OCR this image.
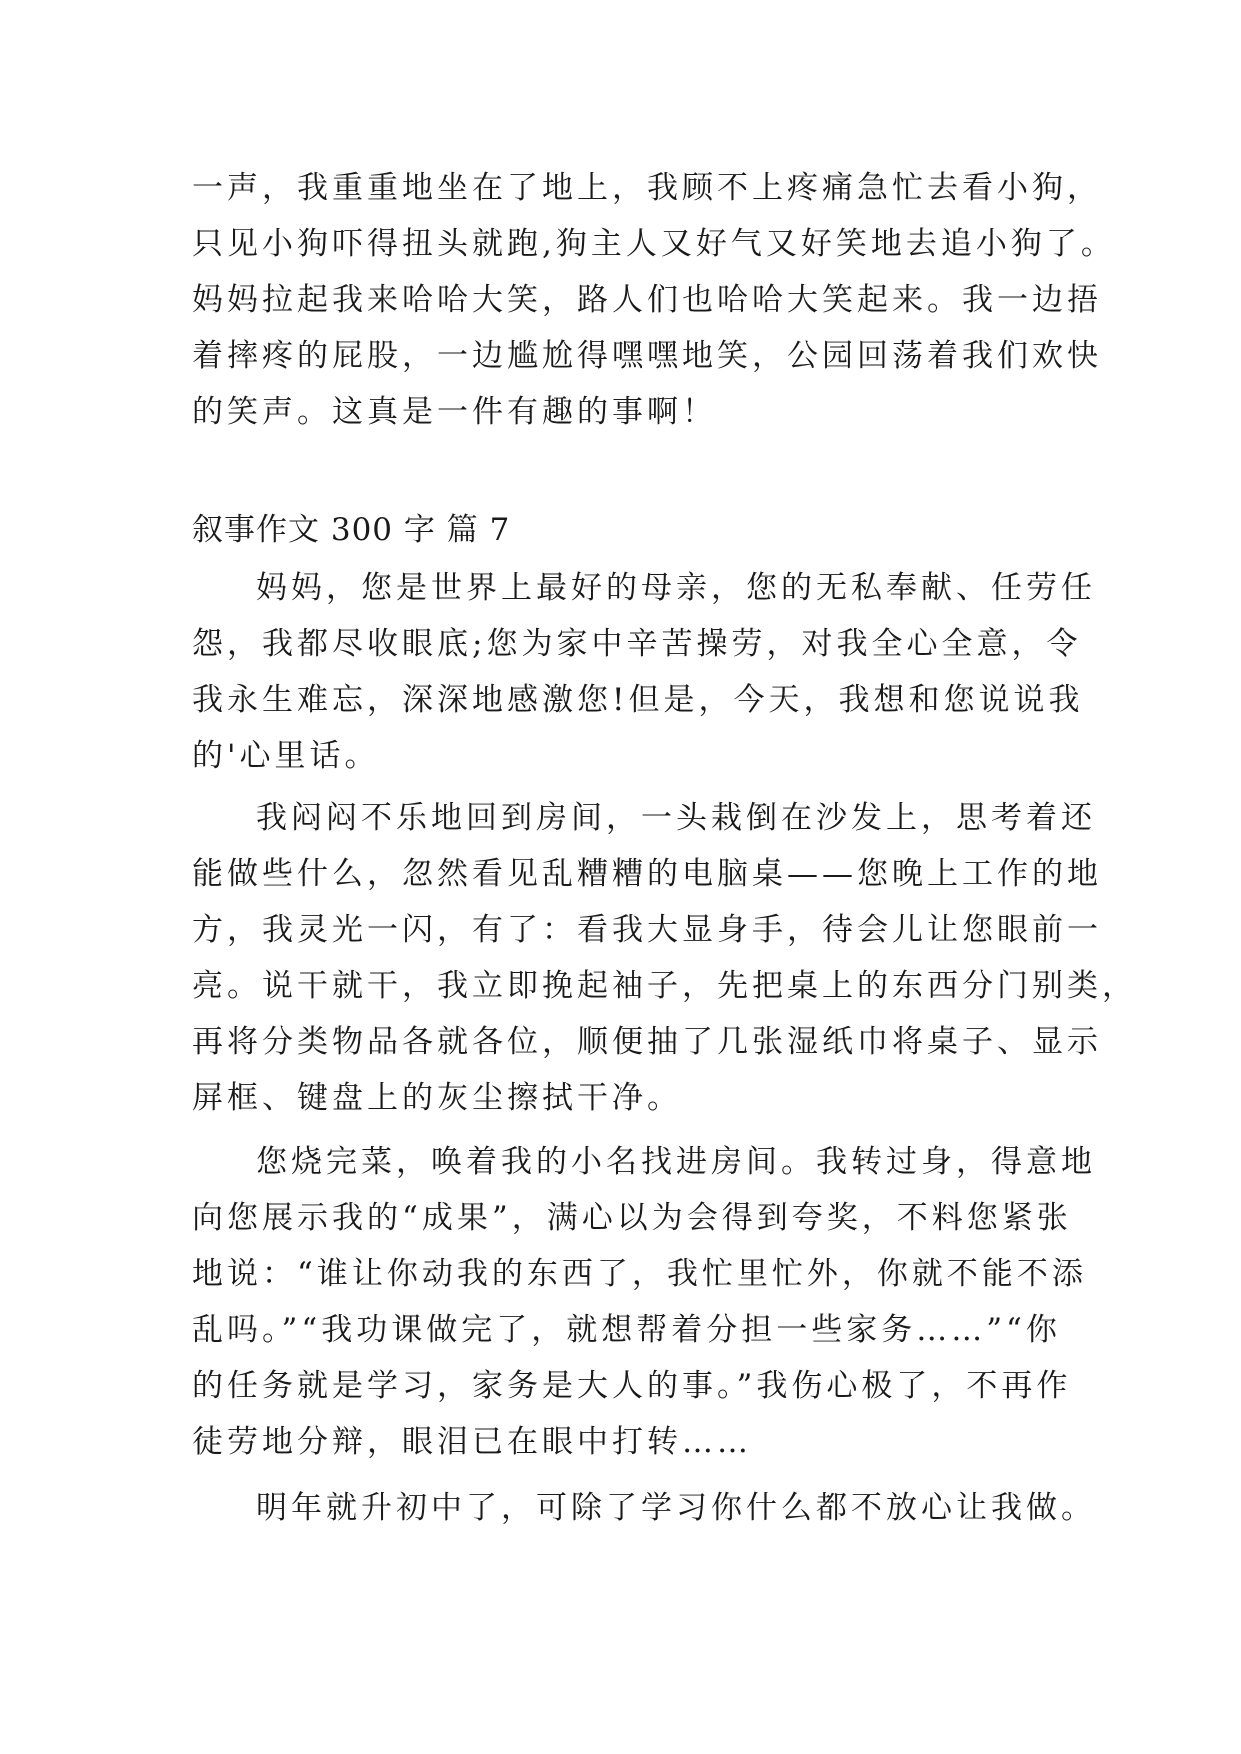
一声，我重重地坐在了地上，我顾不上疼痛急忙去看小狗，
只见小狗吓得扭头就跑,狗主人又好气又好笑地去追小狗了。
妈妈拉起我来哈哈大笑，路人们也哈哈大笑起来。我一边捂
着摔疼的屁股，一边尴尬得嘿嘿地笑，公园回荡着我们欢快
的笑声。这真是一件有趣的事啊！
叙事作文 300 字 篇 7
妈妈，您是世界上最好的母亲，您的无私奉献、任劳任
怨，我都尽收眼底;您为家中辛苦操劳，对我全心全意，令
我永生难忘，深深地感激您!但是，今天，我想和您说说我
的'心里话。
我闷闷不乐地回到房间，一头栽倒在沙发上，思考着还
能做些什么，忽然看见乱糟糟的电脑桌——您晚上工作的地
方，我灵光一闪，有了：看我大显身手，待会儿让您眼前一
亮。说干就干，我立即挽起袖子，先把桌上的东西分门别类，
再将分类物品各就各位，顺便抽了几张湿纸巾将桌子、显示
屏框、键盘上的灰尘擦拭干净。
您烧完菜，唤着我的小名找进房间。我转过身，得意地
向您展示我的“成果”，满心以为会得到夸奖，不料您紧张
地说：“谁让你动我的东西了，我忙里忙外，你就不能不添
乱吗。”“我功课做完了，就想帮着分担一些家务……”“你
的任务就是学习，家务是大人的事。”我伤心极了，不再作
徒劳地分辩，眼泪已在眼中打转……
明年就升初中了，可除了学习你什么都不放心让我做。
